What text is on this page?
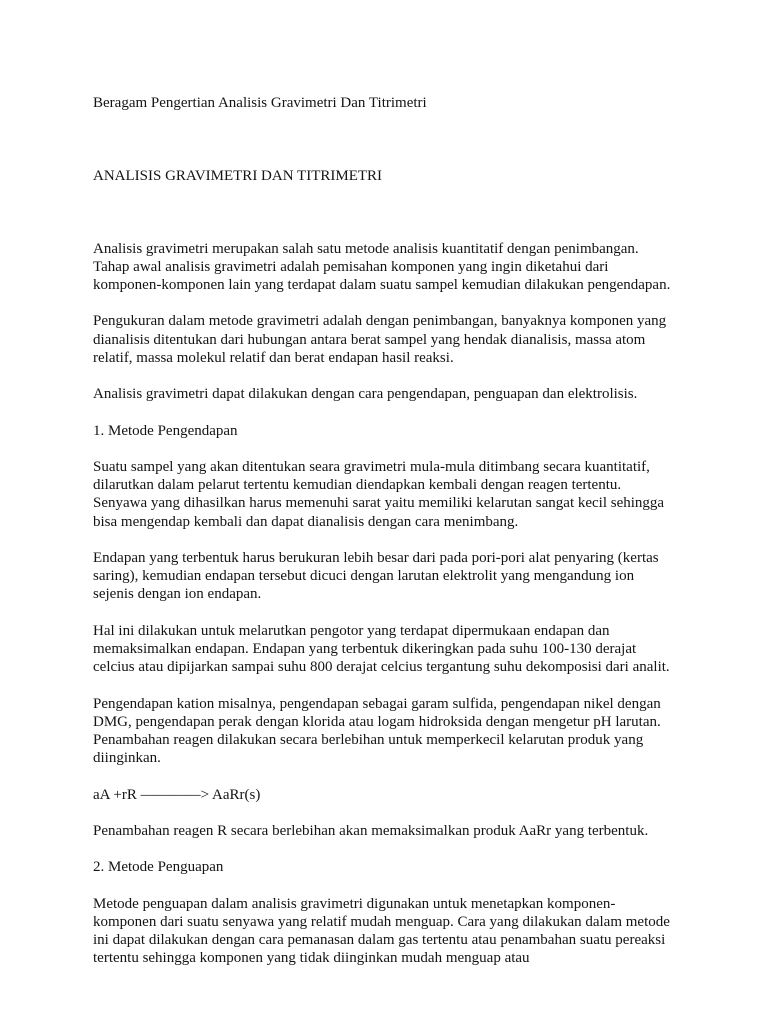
Beragam Pengertian Analisis Gravimetri Dan Titrimetri

ANALISIS GRAVIMETRI DAN TITRIMETRI

Analisis gravimetri merupakan salah satu metode analisis kuantitatif dengan penimbangan. Tahap awal analisis gravimetri adalah pemisahan komponen yang ingin diketahui dari komponen-komponen lain yang terdapat dalam suatu sampel kemudian dilakukan pengendapan.

Pengukuran dalam metode gravimetri adalah dengan penimbangan, banyaknya komponen yang dianalisis ditentukan dari hubungan antara berat sampel yang hendak dianalisis, massa atom relatif, massa molekul relatif dan berat endapan hasil reaksi.

Analisis gravimetri dapat dilakukan dengan cara pengendapan, penguapan dan elektrolisis.

1. Metode Pengendapan

Suatu sampel yang akan ditentukan seara gravimetri mula-mula ditimbang secara kuantitatif, dilarutkan dalam pelarut tertentu kemudian diendapkan kembali dengan reagen tertentu. Senyawa yang dihasilkan harus memenuhi sarat yaitu memiliki kelarutan sangat kecil sehingga bisa mengendap kembali dan dapat dianalisis dengan cara menimbang.

Endapan yang terbentuk harus berukuran lebih besar dari pada pori-pori alat penyaring (kertas saring), kemudian endapan tersebut dicuci dengan larutan elektrolit yang mengandung ion sejenis dengan ion endapan.

Hal ini dilakukan untuk melarutkan pengotor yang terdapat dipermukaan endapan dan memaksimalkan endapan. Endapan yang terbentuk dikeringkan pada suhu 100-130 derajat celcius atau dipijarkan sampai suhu 800 derajat celcius tergantung suhu dekomposisi dari analit.

Pengendapan kation misalnya, pengendapan sebagai garam sulfida, pengendapan nikel dengan DMG, pengendapan perak dengan klorida atau logam hidroksida dengan mengetur pH larutan. Penambahan reagen dilakukan secara berlebihan untuk memperkecil kelarutan produk yang diinginkan.

aA +rR ————> AaRr(s)

Penambahan reagen R secara berlebihan akan memaksimalkan produk AaRr yang terbentuk.

2. Metode Penguapan

Metode penguapan dalam analisis gravimetri digunakan untuk menetapkan komponen-komponen dari suatu senyawa yang relatif mudah menguap. Cara yang dilakukan dalam metode ini dapat dilakukan dengan cara pemanasan dalam gas tertentu atau penambahan suatu pereaksi tertentu sehingga komponen yang tidak diinginkan mudah menguap atau
